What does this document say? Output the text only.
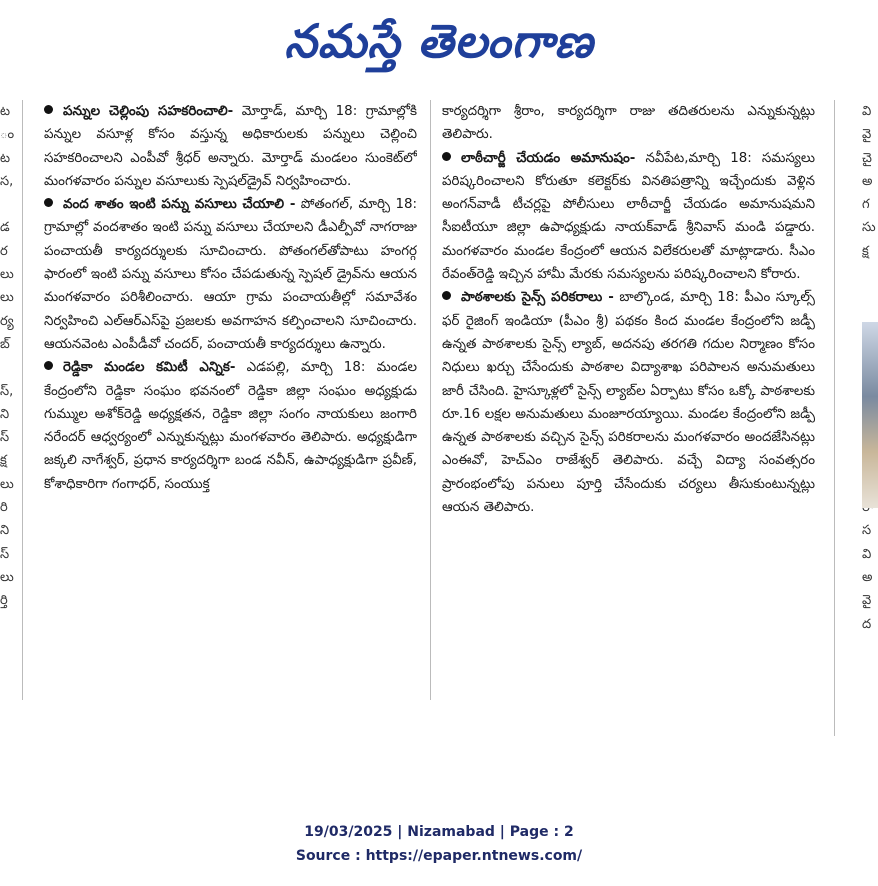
నమస్తే తెలంగాణ
ట
ం
ట
స,

డ
ర
లు
లు
ర్య
బ్

స్,
ని
స్
క్ష
లు
రి
ని
స్
లు
ర్తి

పన్నుల చెల్లింపు సహకరించాలి- మోర్తాడ్, మార్చి 18: గ్రామాల్లోకి పన్నుల వసూళ్ల కోసం వస్తున్న అధికారులకు పన్నులు చెల్లించి సహకరించాలని ఎంపీవో శ్రీధర్ అన్నారు. మోర్తాడ్ మండలం సుంకెట్‌లో మంగళవారం పన్నుల వసూలుకు స్పెషల్‌డ్రైవ్ నిర్వహించారు.

వంద శాతం ఇంటి పన్ను వసూలు చేయాలి - పోతంగల్, మార్చి 18: గ్రామాల్లో వందశాతం ఇంటి పన్ను వసూలు చేయాలని డీఎల్పీవో నాగరాజు పంచాయతీ కార్యదర్శులకు సూచించారు. పోతంగల్‌తోపాటు హంగర్గ ఫారంలో ఇంటి పన్ను వసూలు కోసం చేపడుతున్న స్పెషల్ డ్రైవ్‌ను ఆయన మంగళవారం పరిశీలించారు. ఆయా గ్రామ పంచాయతీల్లో సమావేశం నిర్వహించి ఎల్‌ఆర్ఎస్‌పై ప్రజలకు అవగాహన కల్పించాలని సూచించారు. ఆయనవెంట ఎంపీడీవో చందర్, పంచాయతీ కార్యదర్శులు ఉన్నారు.

రెడ్డికా మండల కమిటీ ఎన్నిక- ఎడపల్లి, మార్చి 18: మండల కేంద్రంలోని రెడ్డికా సంఘం భవనంలో రెడ్డికా జిల్లా సంఘం అధ్యక్షుడు గుమ్ముల అశోక్‌రెడ్డి అధ్యక్షతన, రెడ్డికా జిల్లా సంగం నాయకులు జంగారి నరేందర్ ఆధ్వర్యంలో ఎన్నుకున్నట్లు మంగళవారం తెలిపారు. అధ్యక్షుడిగా జక్కలి నాగేశ్వర్, ప్రధాన కార్యదర్శిగా బండ నవీన్, ఉపాధ్యక్షుడిగా ప్రవీణ్, కోశాధికారిగా గంగాధర్, సంయుక్త

కార్యదర్శిగా శ్రీరాం, కార్యదర్శిగా రాజు తదితరులను ఎన్నుకున్నట్లు తెలిపారు.

లాఠీచార్జీ చేయడం అమానుషం- నవీపేట,మార్చి 18: సమస్యలు పరిష్కరించాలని కోరుతూ కలెక్టర్‌కు వినతిపత్రాన్ని ఇచ్చేందుకు వెళ్లిన అంగన్‌వాడీ టీచర్లపై పోలీసులు లాఠీచార్జీ చేయడం అమానుషమని సీఐటీయూ జిల్లా ఉపాధ్యక్షుడు నాయక్‌వాడ్ శ్రీనివాస్ మండి పడ్డారు. మంగళవారం మండల కేంద్రంలో ఆయన విలేకరులతో మాట్లాడారు. సీఎం రేవంత్‌రెడ్డి ఇచ్చిన హామీ మేరకు సమస్యలను పరిష్కరించాలని కోరారు.

పాఠశాలకు సైన్స్ పరికరాలు - బాల్కొండ, మార్చి 18: పీఎం స్కూల్స్ ఫర్ రైజింగ్ ఇండియా (పీఎం శ్రీ) పథకం కింద మండల కేంద్రంలోని జడ్పీ ఉన్నత పాఠశాలకు సైన్స్ ల్యాబ్, అదనపు తరగతి గదుల నిర్మాణం కోసం నిధులు ఖర్చు చేసేందుకు పాఠశాల విద్యాశాఖ పరిపాలన అనుమతులు జారీ చేసింది. హైస్కూళ్లలో సైన్స్ ల్యాబ్‌ల ఏర్పాటు కోసం ఒక్కో పాఠశాలకు రూ.16 లక్షల అనుమతులు మంజూరయ్యాయి. మండల కేంద్రంలోని జడ్పీ ఉన్నత పాఠశాలకు వచ్చిన సైన్స్ పరికరాలను మంగళవారం అందజేసినట్లు ఎంఈవో, హెచ్‌ఎం రాజేశ్వర్ తెలిపారు. వచ్చే విద్యా సంవత్సరం ప్రారంభంలోపు పనులు పూర్తి చేసేందుకు చర్యలు తీసుకుంటున్నట్లు ఆయన తెలిపారు.

వి
వై
చై
అ
గ
సు
క్ష

స
వి
అ
వై
ద
19/03/2025 | Nizamabad | Page : 2
Source : https://epaper.ntnews.com/
